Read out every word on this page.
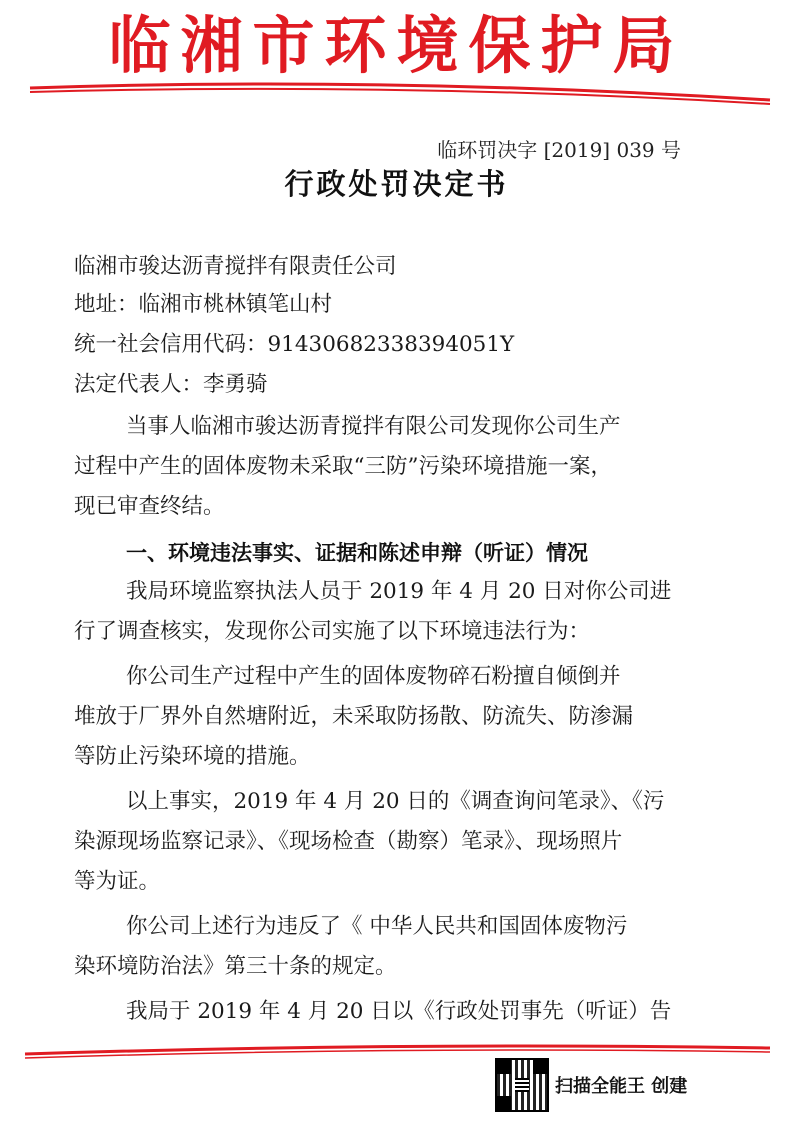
临湘市环境保护局
临环罚决字 [2019] 039 号
行政处罚决定书
临湘市骏达沥青搅拌有限责任公司
地址：临湘市桃林镇笔山村
统一社会信用代码：91430682338394051Y
法定代表人：李勇骑
当事人临湘市骏达沥青搅拌有限公司发现你公司生产
过程中产生的固体废物未采取“三防”污染环境措施一案，
现已审查终结。
一、环境违法事实、证据和陈述申辩（听证）情况
我局环境监察执法人员于 2019 年 4 月 20 日对你公司进
行了调查核实，发现你公司实施了以下环境违法行为：
你公司生产过程中产生的固体废物碎石粉擅自倾倒并
堆放于厂界外自然塘附近，未采取防扬散、防流失、防渗漏
等防止污染环境的措施。
以上事实，2019 年 4 月 20 日的《调查询问笔录》、《污
染源现场监察记录》、《现场检查（勘察）笔录》、现场照片
等为证。
你公司上述行为违反了《 中华人民共和国固体废物污
染环境防治法》第三十条的规定。
我局于 2019 年 4 月 20 日以《行政处罚事先（听证）告
扫描全能王 创建
